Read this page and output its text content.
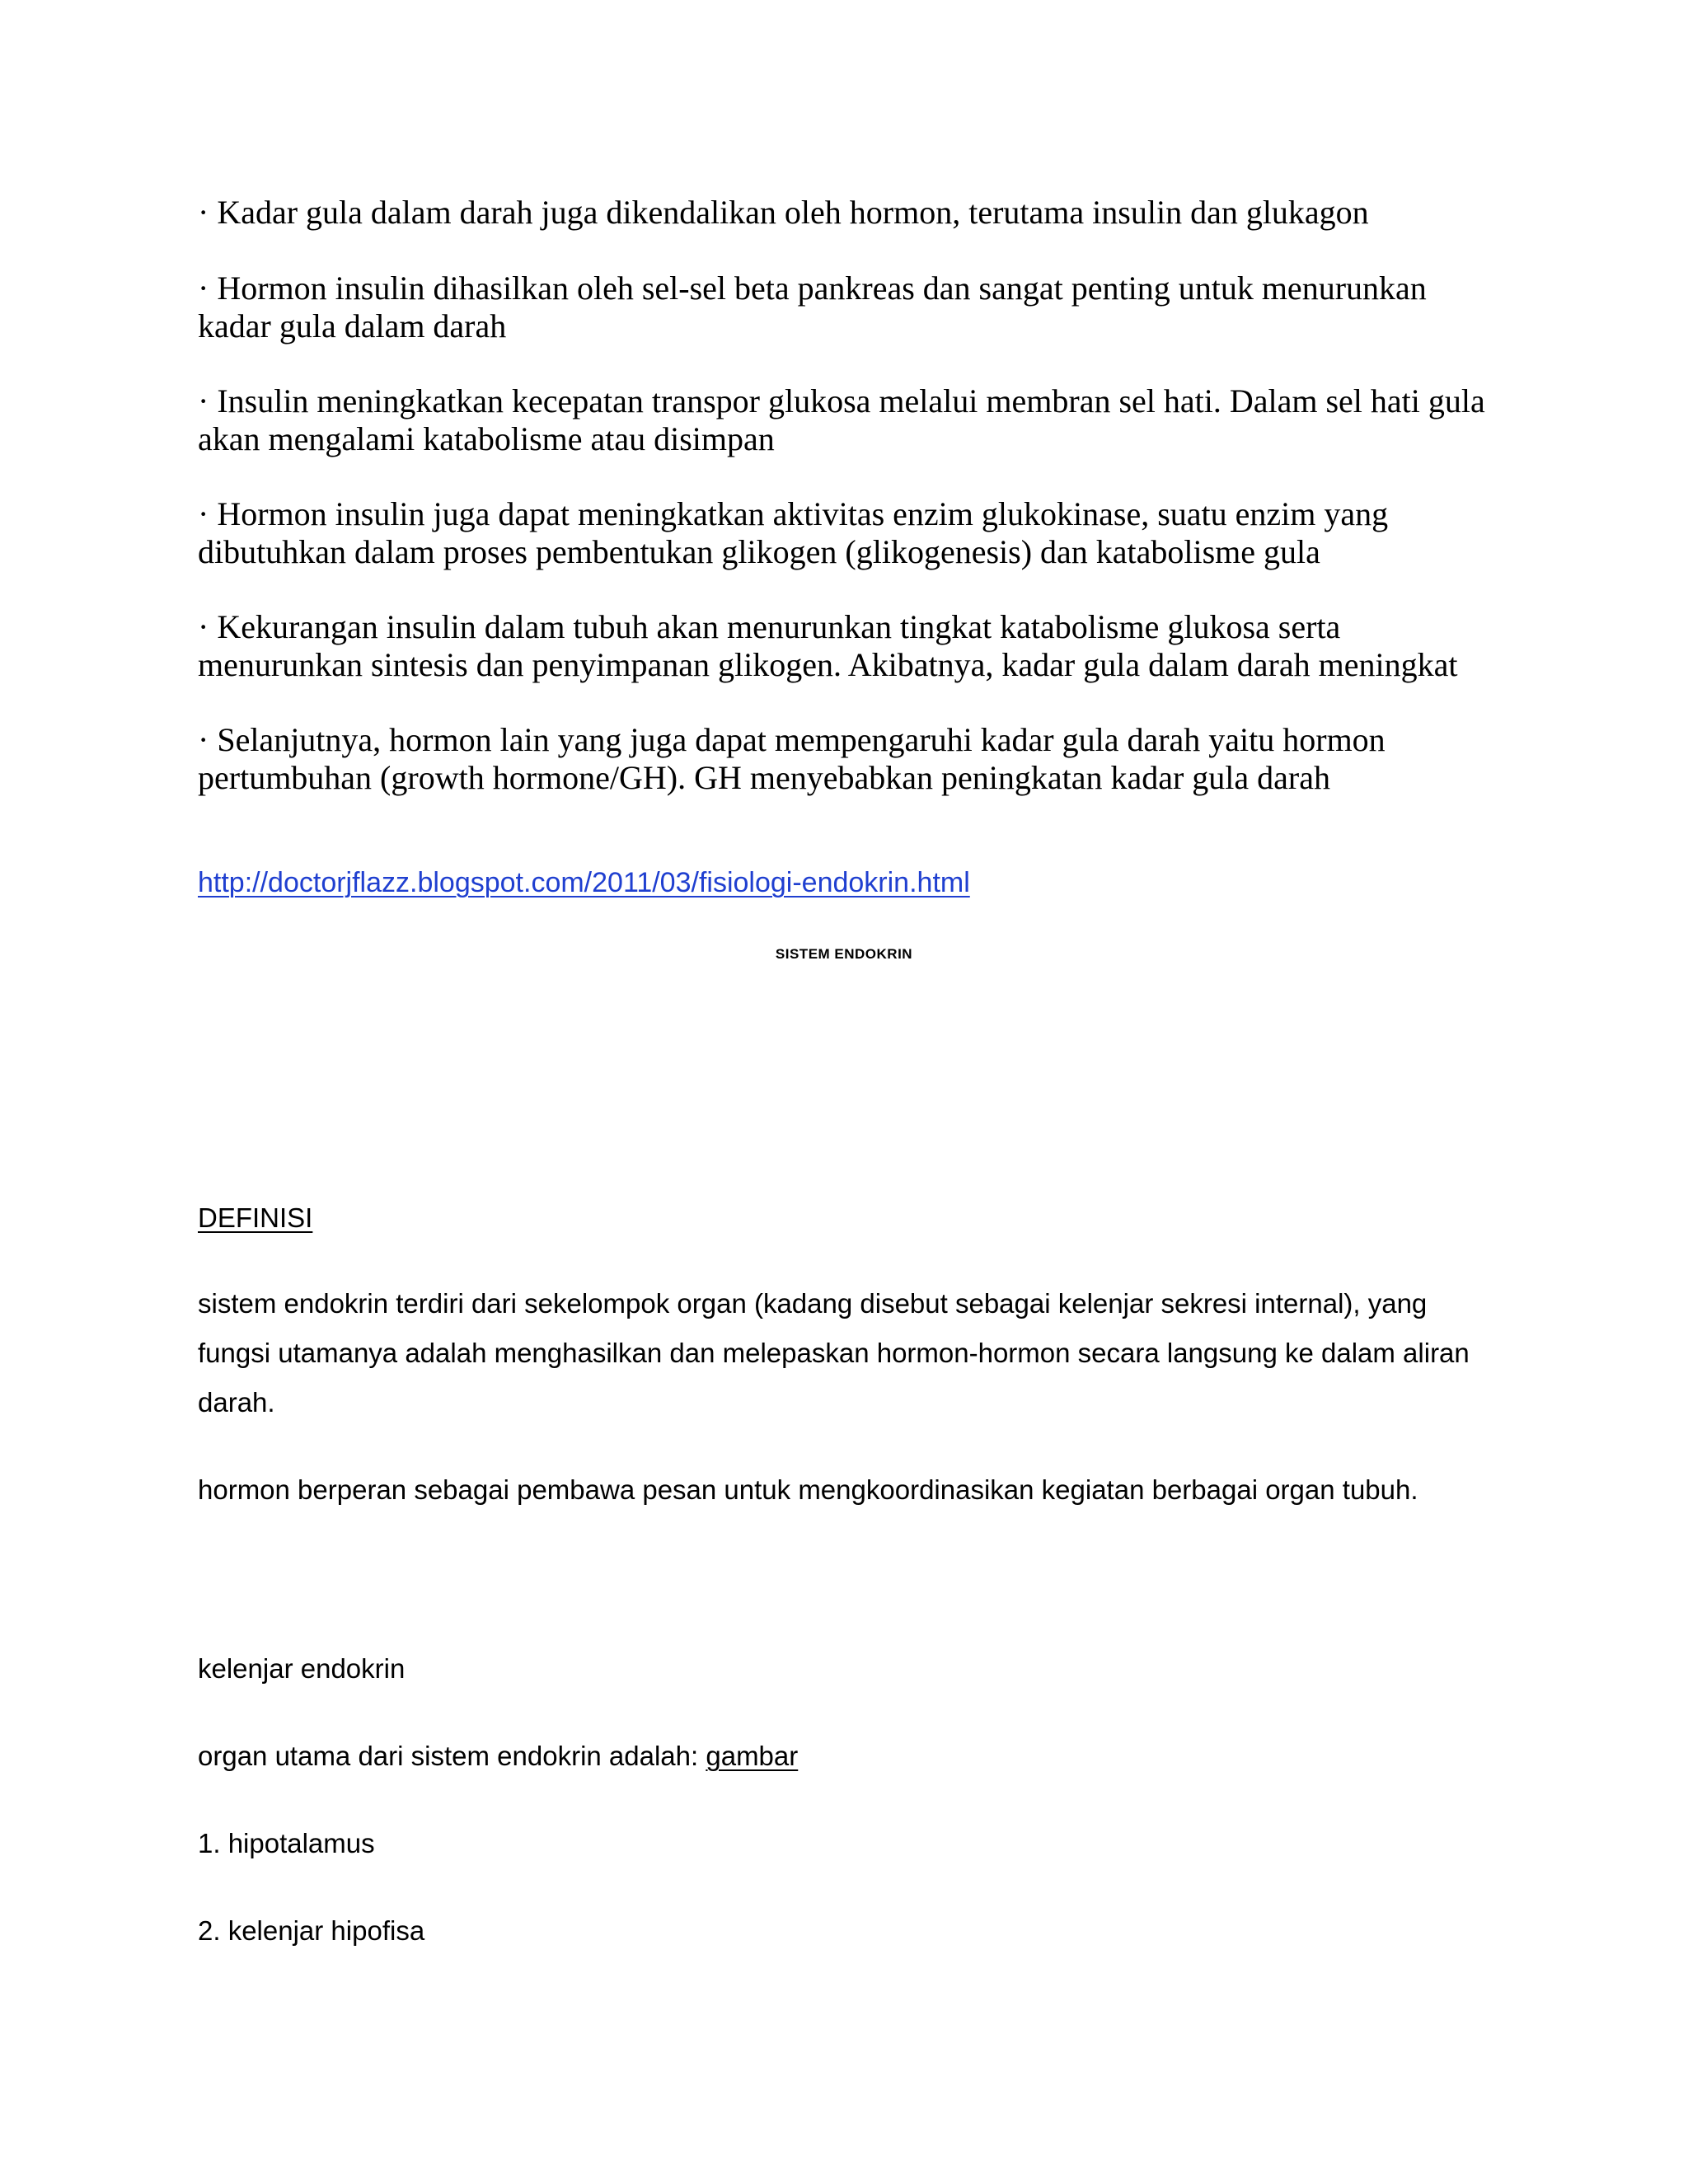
· Kadar gula dalam darah juga dikendalikan oleh hormon, terutama insulin dan glukagon
· Hormon insulin dihasilkan oleh sel-sel beta pankreas dan sangat penting untuk menurunkan
kadar gula dalam darah
· Insulin meningkatkan kecepatan transpor glukosa melalui membran sel hati. Dalam sel hati gula
akan mengalami katabolisme atau disimpan
· Hormon insulin juga dapat meningkatkan aktivitas enzim glukokinase, suatu enzim yang
dibutuhkan dalam proses pembentukan glikogen (glikogenesis) dan katabolisme gula
· Kekurangan insulin dalam tubuh akan menurunkan tingkat katabolisme glukosa serta
menurunkan sintesis dan penyimpanan glikogen. Akibatnya, kadar gula dalam darah meningkat
· Selanjutnya, hormon lain yang juga dapat mempengaruhi kadar gula darah yaitu hormon
pertumbuhan (growth hormone/GH). GH menyebabkan peningkatan kadar gula darah
http://doctorjflazz.blogspot.com/2011/03/fisiologi-endokrin.html
SISTEM ENDOKRIN
DEFINISI
sistem endokrin terdiri dari sekelompok organ (kadang disebut sebagai kelenjar sekresi internal), yang
fungsi utamanya adalah menghasilkan dan melepaskan hormon-hormon secara langsung ke dalam aliran
darah.
hormon berperan sebagai pembawa pesan untuk mengkoordinasikan kegiatan berbagai organ tubuh.
kelenjar endokrin
organ utama dari sistem endokrin adalah: gambar
1. hipotalamus
2. kelenjar hipofisa
